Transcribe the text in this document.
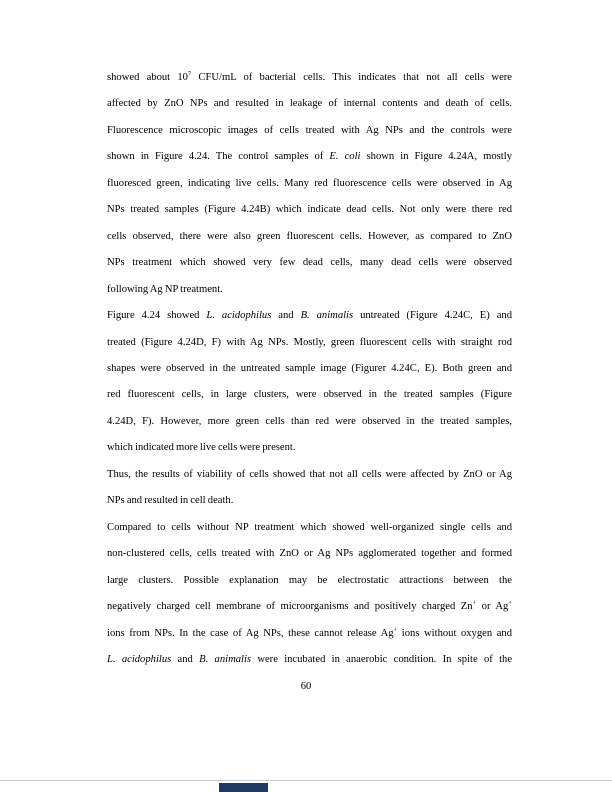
showed about $10^7$ CFU/mL of bacterial cells. This indicates that not all cells were
affected by ZnO NPs and resulted in leakage of internal contents and death of cells.
Fluorescence microscopic images of cells treated with Ag NPs and the controls were
shown in Figure 4.24. The control samples of E. coli shown in Figure 4.24A, mostly
fluoresced green, indicating live cells. Many red fluorescence cells were observed in Ag
NPs treated samples (Figure 4.24B) which indicate dead cells. Not only were there red
cells observed, there were also green fluorescent cells. However, as compared to ZnO
NPs treatment which showed very few dead cells, many dead cells were observed
following Ag NP treatment.
Figure 4.24 showed L. acidophilus and B. animalis untreated (Figure 4.24C, E) and
treated (Figure 4.24D, F) with Ag NPs. Mostly, green fluorescent cells with straight rod
shapes were observed in the untreated sample image (Figurer 4.24C, E). Both green and
red fluorescent cells, in large clusters, were observed in the treated samples (Figure
4.24D, F). However, more green cells than red were observed in the treated samples,
which indicated more live cells were present.
Thus, the results of viability of cells showed that not all cells were affected by ZnO or Ag
NPs and resulted in cell death.
Compared to cells without NP treatment which showed well-organized single cells and
non-clustered cells, cells treated with ZnO or Ag NPs agglomerated together and formed
large clusters. Possible explanation may be electrostatic attractions between the
negatively charged cell membrane of microorganisms and positively charged Zn+ or Ag+
ions from NPs. In the case of Ag NPs, these cannot release Ag+ ions without oxygen and
L. acidophilus and B. animalis were incubated in anaerobic condition. In spite of the
60
